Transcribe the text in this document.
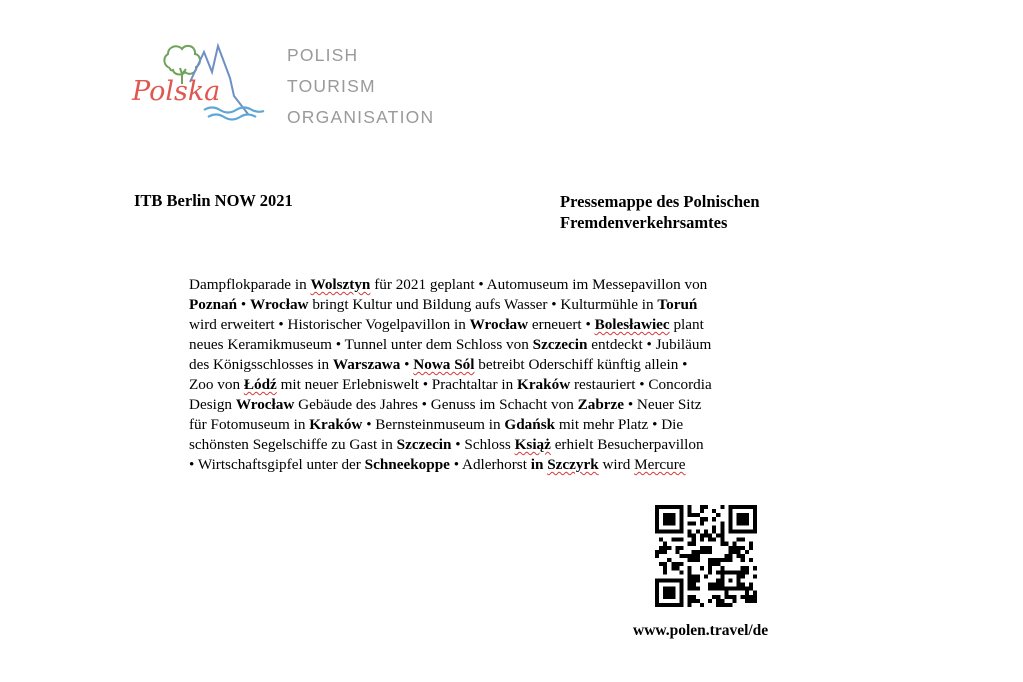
Polska
POLISH
TOURISM
ORGANISATION
ITB Berlin NOW 2021	Pressemappe des Polnischen
Fremdenverkehrsamtes
Dampflokparade in Wolsztyn für 2021 geplant • Automuseum im Messepavillon von
Poznań • Wrocław bringt Kultur und Bildung aufs Wasser • Kulturmühle in Toruń
wird erweitert • Historischer Vogelpavillon in Wrocław erneuert • Bolesławiec plant
neues Keramikmuseum • Tunnel unter dem Schloss von Szczecin entdeckt • Jubiläum
des Königsschlosses in Warszawa • Nowa Sól betreibt Oderschiff künftig allein •
Zoo von Łódź mit neuer Erlebniswelt • Prachtaltar in Kraków restauriert • Concordia
Design Wrocław Gebäude des Jahres • Genuss im Schacht von Zabrze • Neuer Sitz
für Fotomuseum in Kraków • Bernsteinmuseum in Gdańsk mit mehr Platz • Die
schönsten Segelschiffe zu Gast in Szczecin • Schloss Książ erhielt Besucherpavillon
• Wirtschaftsgipfel unter der Schneekoppe • Adlerhorst in Szczyrk wird Mercure
www.polen.travel/de
